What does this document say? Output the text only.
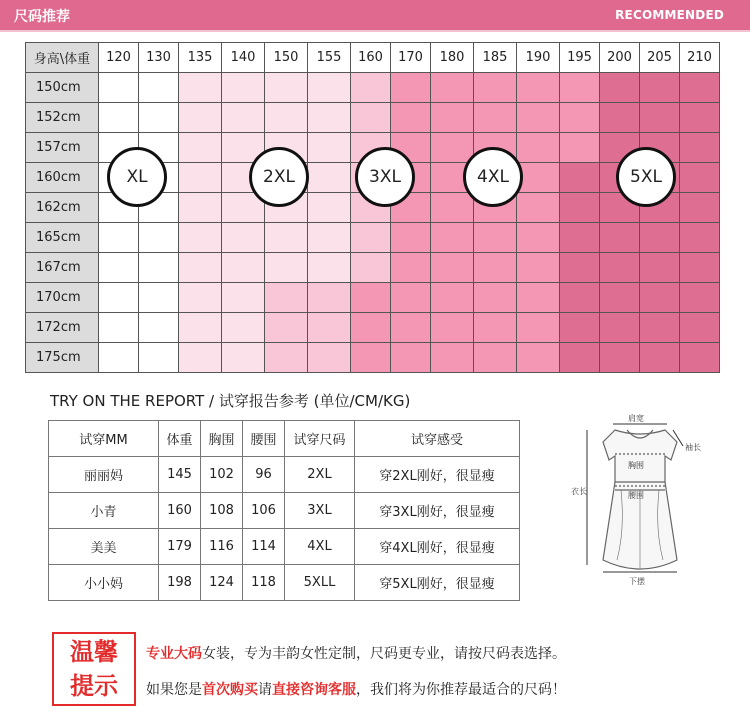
尺码推荐	RECOMMENDED
身高\体重	120	130	135	140	150	155	160	170	180	185	190	195	200	205	210
150cm															
152cm															
157cm															
160cm															
162cm															
165cm															
167cm															
170cm															
172cm															
175cm															
XL	2XL	3XL	4XL	5XL
TRY ON THE REPORT / 试穿报告参考 (单位/CM/KG)
试穿MM	体重	胸围	腰围	试穿尺码	试穿感受
丽丽妈	145	102	96	2XL	穿2XL刚好，很显瘦
小青	160	108	106	3XL	穿3XL刚好，很显瘦
美美	179	116	114	4XL	穿4XL刚好，很显瘦
小小妈	198	124	118	5XLL	穿5XL刚好，很显瘦
肩宽
袖长
胸围
腰围
衣长
下摆
温馨
提示
专业大码女装，专为丰韵女性定制，尺码更专业，请按尺码表选择。
如果您是首次购买请直接咨询客服，我们将为你推荐最适合的尺码！
